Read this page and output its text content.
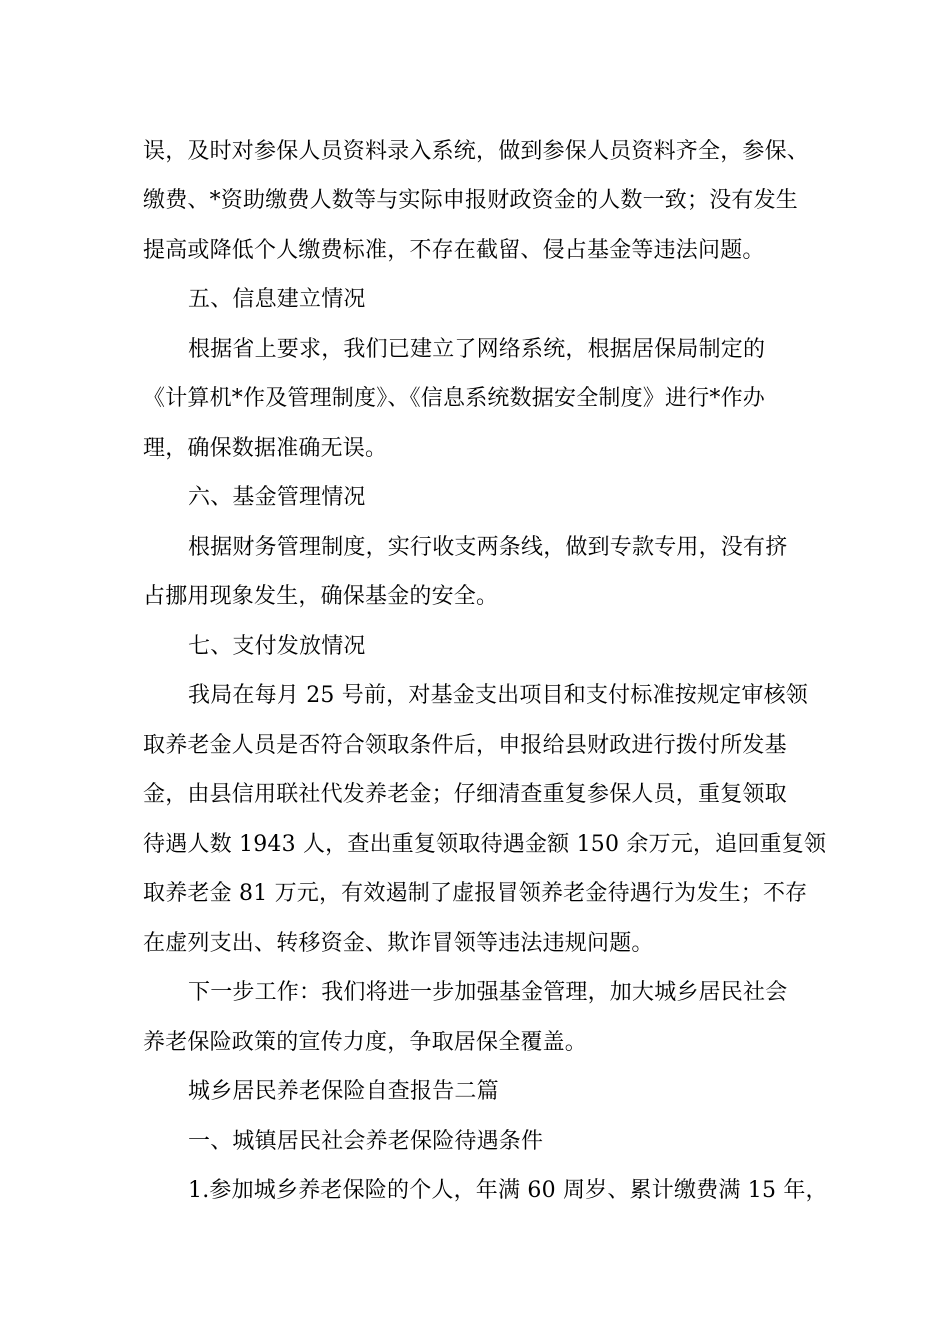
误，及时对参保人员资料录入系统，做到参保人员资料齐全，参保、
缴费、*资助缴费人数等与实际申报财政资金的人数一致；没有发生
提高或降低个人缴费标准，不存在截留、侵占基金等违法问题。
五、信息建立情况
根据省上要求，我们已建立了网络系统，根据居保局制定的
《计算机*作及管理制度》、《信息系统数据安全制度》进行*作办
理，确保数据准确无误。
六、基金管理情况
根据财务管理制度，实行收支两条线，做到专款专用，没有挤
占挪用现象发生，确保基金的安全。
七、支付发放情况
我局在每月 25 号前，对基金支出项目和支付标准按规定审核领
取养老金人员是否符合领取条件后，申报给县财政进行拨付所发基
金，由县信用联社代发养老金；仔细清查重复参保人员，重复领取
待遇人数 1943 人，查出重复领取待遇金额 150 余万元，追回重复领
取养老金 81 万元，有效遏制了虚报冒领养老金待遇行为发生；不存
在虚列支出、转移资金、欺诈冒领等违法违规问题。
下一步工作：我们将进一步加强基金管理，加大城乡居民社会
养老保险政策的宣传力度，争取居保全覆盖。
城乡居民养老保险自查报告二篇
一、城镇居民社会养老保险待遇条件
1.参加城乡养老保险的个人，年满 60 周岁、累计缴费满 15 年，
